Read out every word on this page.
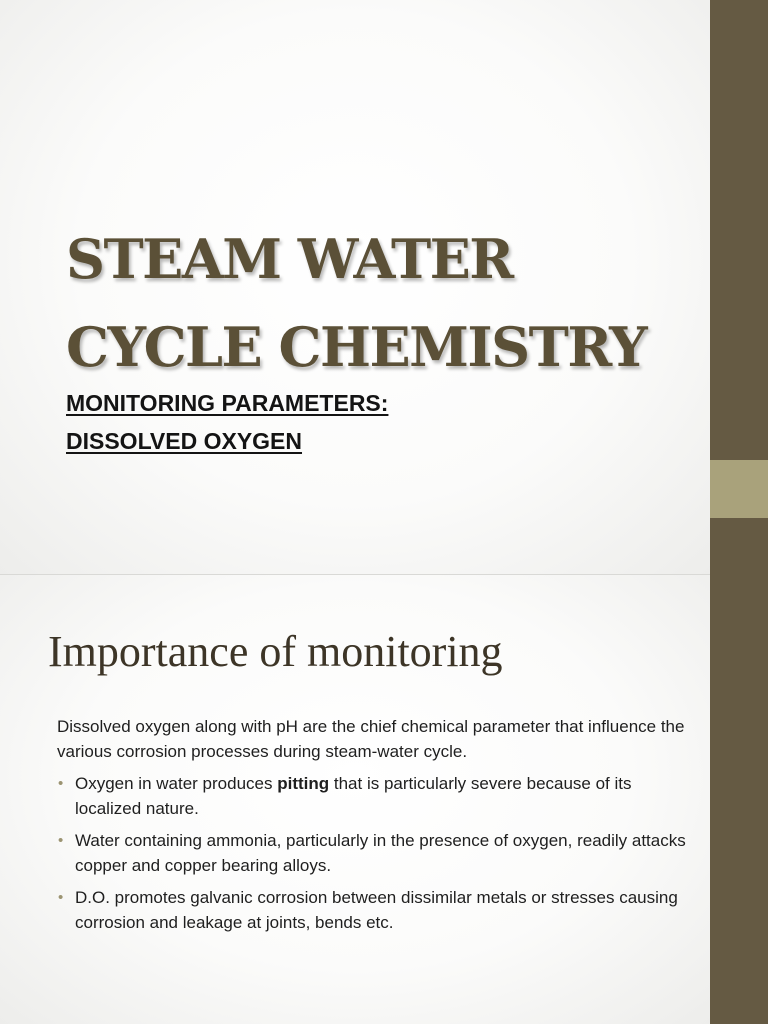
STEAM WATER
CYCLE CHEMISTRY
MONITORING PARAMETERS:
DISSOLVED OXYGEN
Importance of monitoring

Dissolved oxygen along with pH are the chief chemical parameter that influence the various corrosion processes during steam-water cycle.

• Oxygen in water produces pitting that is particularly severe because of its localized nature.
• Water containing ammonia, particularly in the presence of oxygen, readily attacks copper and copper bearing alloys.
• D.O. promotes galvanic corrosion between dissimilar metals or stresses causing corrosion and leakage at joints, bends etc.
